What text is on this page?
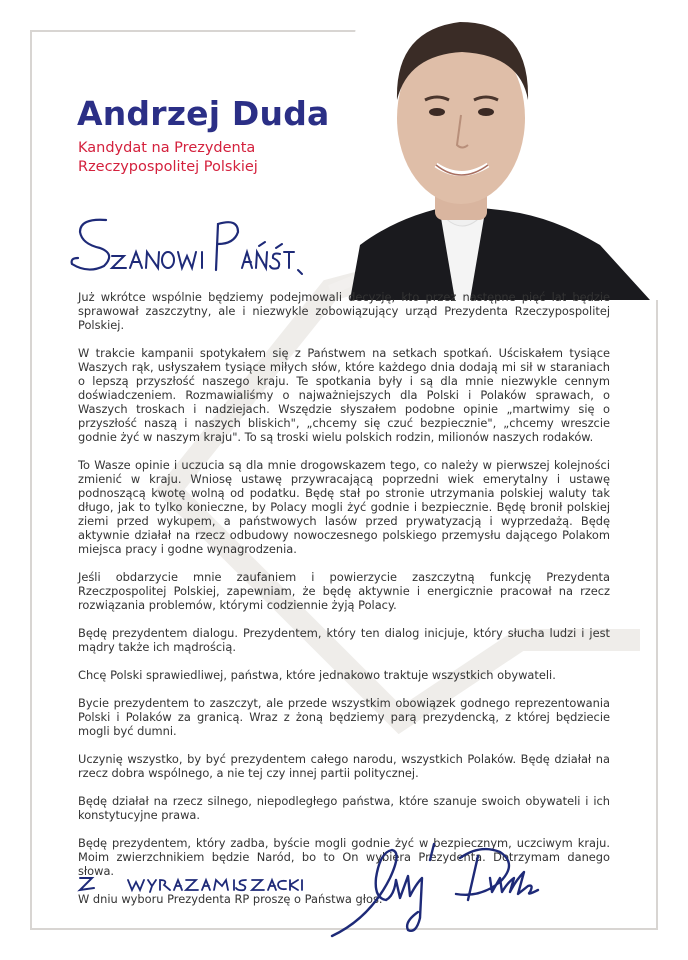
Andrzej Duda
Kandydat na Prezydenta
Rzeczypospolitej Polskiej

Już wkrótce wspólnie będziemy podejmowali decyzję, kto przez następne pięć lat będzie sprawował zaszczytny, ale i niezwykle zobowiązujący urząd Prezydenta Rzeczypospolitej Polskiej.

W trakcie kampanii spotykałem się z Państwem na setkach spotkań. Uściskałem tysiące Waszych rąk, usłyszałem tysiące miłych słów, które każdego dnia dodają mi sił w staraniach o lepszą przyszłość naszego kraju. Te spotkania były i są dla mnie niezwykle cennym doświadczeniem. Rozmawialiśmy o najważniejszych dla Polski i Polaków sprawach, o Waszych troskach i nadziejach. Wszędzie słyszałem podobne opinie „martwimy się o przyszłość naszą i naszych bliskich", „chcemy się czuć bezpiecznie", „chcemy wreszcie godnie żyć w naszym kraju". To są troski wielu polskich rodzin, milionów naszych rodaków.

To Wasze opinie i uczucia są dla mnie drogowskazem tego, co należy w pierwszej kolejności zmienić w kraju. Wniosę ustawę przywracającą poprzedni wiek emerytalny i ustawę podnoszącą kwotę wolną od podatku. Będę stał po stronie utrzymania polskiej waluty tak długo, jak to tylko konieczne, by Polacy mogli żyć godnie i bezpiecznie. Będę bronił polskiej ziemi przed wykupem, a państwowych lasów przed prywatyzacją i wyprzedażą. Będę aktywnie działał na rzecz odbudowy nowoczesnego polskiego przemysłu dającego Polakom miejsca pracy i godne wynagrodzenia.

Jeśli obdarzycie mnie zaufaniem i powierzycie zaszczytną funkcję Prezydenta Rzeczpospolitej Polskiej, zapewniam, że będę aktywnie i energicznie pracował na rzecz rozwiązania problemów, którymi codziennie żyją Polacy.

Będę prezydentem dialogu. Prezydentem, który ten dialog inicjuje, który słucha ludzi i jest mądry także ich mądrością.

Chcę Polski sprawiedliwej, państwa, które jednakowo traktuje wszystkich obywateli.

Bycie prezydentem to zaszczyt, ale przede wszystkim obowiązek godnego reprezentowania Polski i Polaków za granicą. Wraz z żoną będziemy parą prezydencką, z której będziecie mogli być dumni.

Uczynię wszystko, by być prezydentem całego narodu, wszystkich Polaków. Będę działał na rzecz dobra wspólnego, a nie tej czy innej partii politycznej.

Będę działał na rzecz silnego, niepodległego państwa, które szanuje swoich obywateli i ich konstytucyjne prawa.

Będę prezydentem, który zadba, byście mogli godnie żyć w bezpiecznym, uczciwym kraju. Moim zwierzchnikiem będzie Naród, bo to On wybiera Prezydenta. Dotrzymam danego słowa.

W dniu wyboru Prezydenta RP proszę o Państwa głos.
